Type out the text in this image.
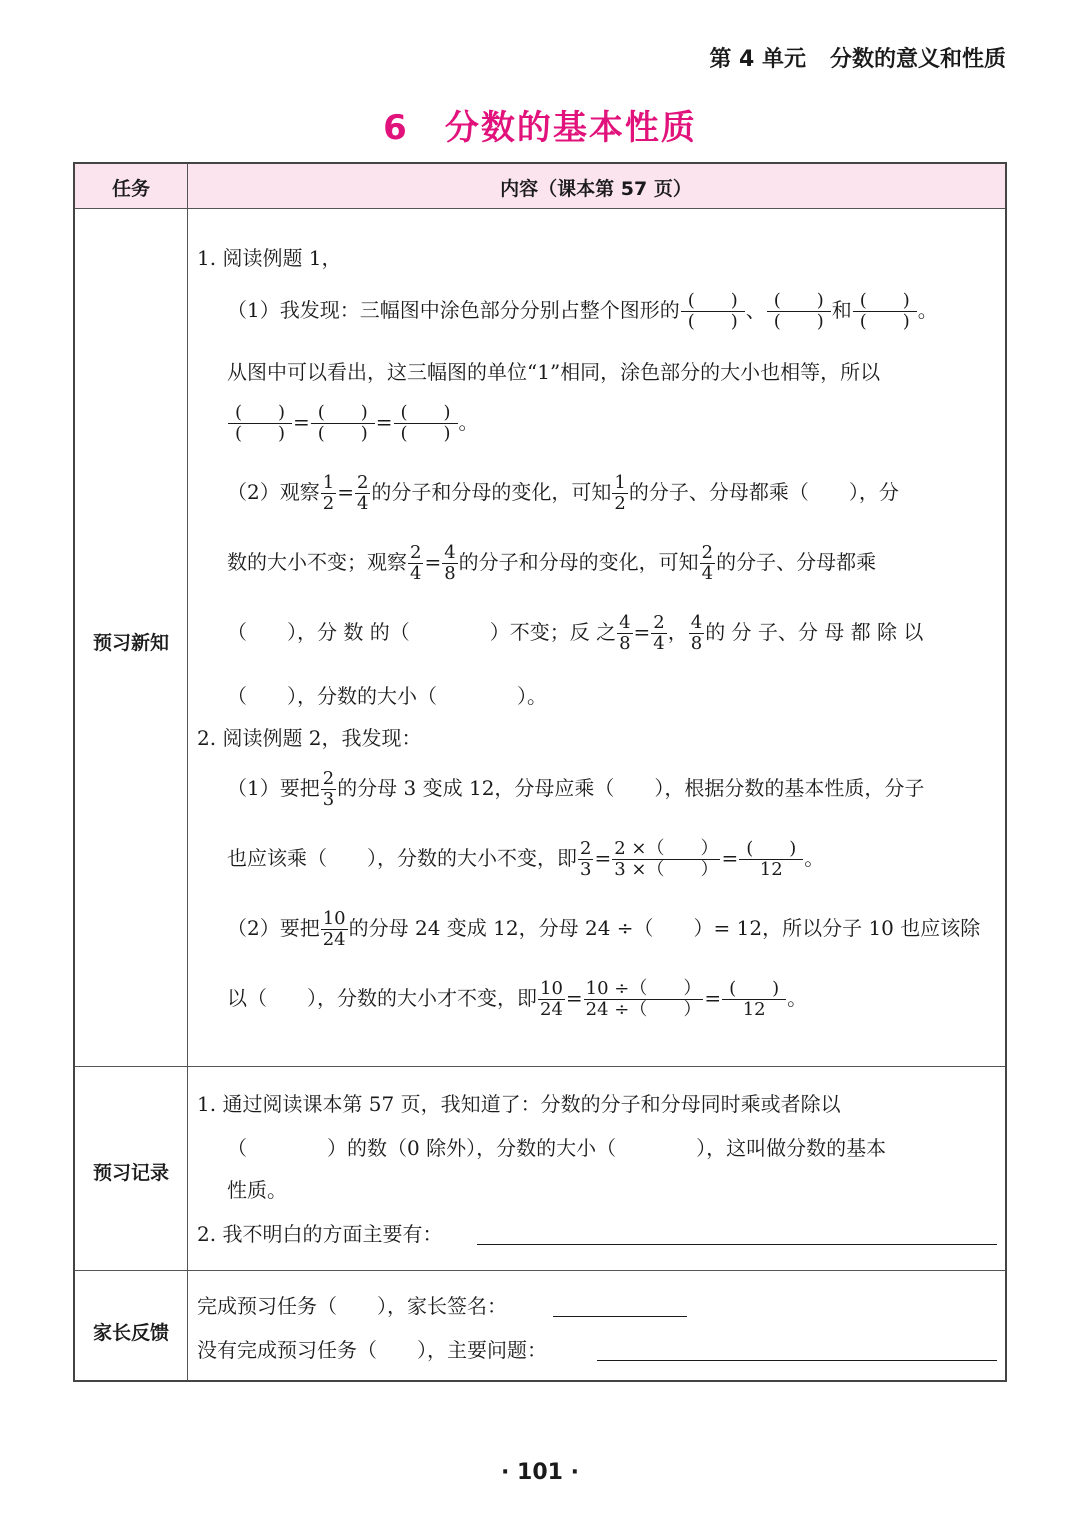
第 4 单元 分数的意义和性质
6 分数的基本性质
任务	内容（课本第 57 页）
预习新知
预习记录
家长反馈
1. 阅读例题 1，
（1）我发现：三幅图中涂色部分分别占整个图形的 $\frac{( )}{( )}$ 、 $\frac{( )}{( )}$ 和 $\frac{( )}{( )}$ 。
从图中可以看出，这三幅图的单位“1”相同，涂色部分的大小也相等，所以
$\frac{( )}{( )} = \frac{( )}{( )} = \frac{( )}{( )}$ 。
（2）观察 $\frac{1}{2} = \frac{2}{4}$ 的分子和分母的变化，可知 $\frac{1}{2}$ 的分子、分母都乘（　　），分
数的大小不变；观察 $\frac{2}{4} = \frac{4}{8}$ 的分子和分母的变化，可知 $\frac{2}{4}$ 的分子、分母都乘
（　　），分 数 的（　　　　）不变；反 之 $\frac{4}{8} = \frac{2}{4}$ ， $\frac{4}{8}$ 的 分 子、分 母 都 除 以
（　　），分数的大小（　　　　）。
2. 阅读例题 2，我发现：
（1）要把 $\frac{2}{3}$ 的分母 3 变成 12，分母应乘（　　），根据分数的基本性质，分子
也应该乘（　　），分数的大小不变，即 $\frac{2}{3} = \frac{2 \times( )}{3 \times( )} = \frac{( )}{12}$ 。
（2）要把 $\frac{10}{24}$ 的分母 24 变成 12，分母 24 ÷（　　）= 12，所以分子 10 也应该除
以（　　），分数的大小才不变，即 $\frac{10}{24} = \frac{10 \div( )}{24 \div( )} = \frac{( )}{12}$ 。
1. 通过阅读课本第 57 页，我知道了：分数的分子和分母同时乘或者除以
（　　　　）的数（0 除外），分数的大小（　　　　），这叫做分数的基本
性质。
2. 我不明白的方面主要有：
完成预习任务（　　），家长签名：
没有完成预习任务（　　），主要问题：
· 101 ·
